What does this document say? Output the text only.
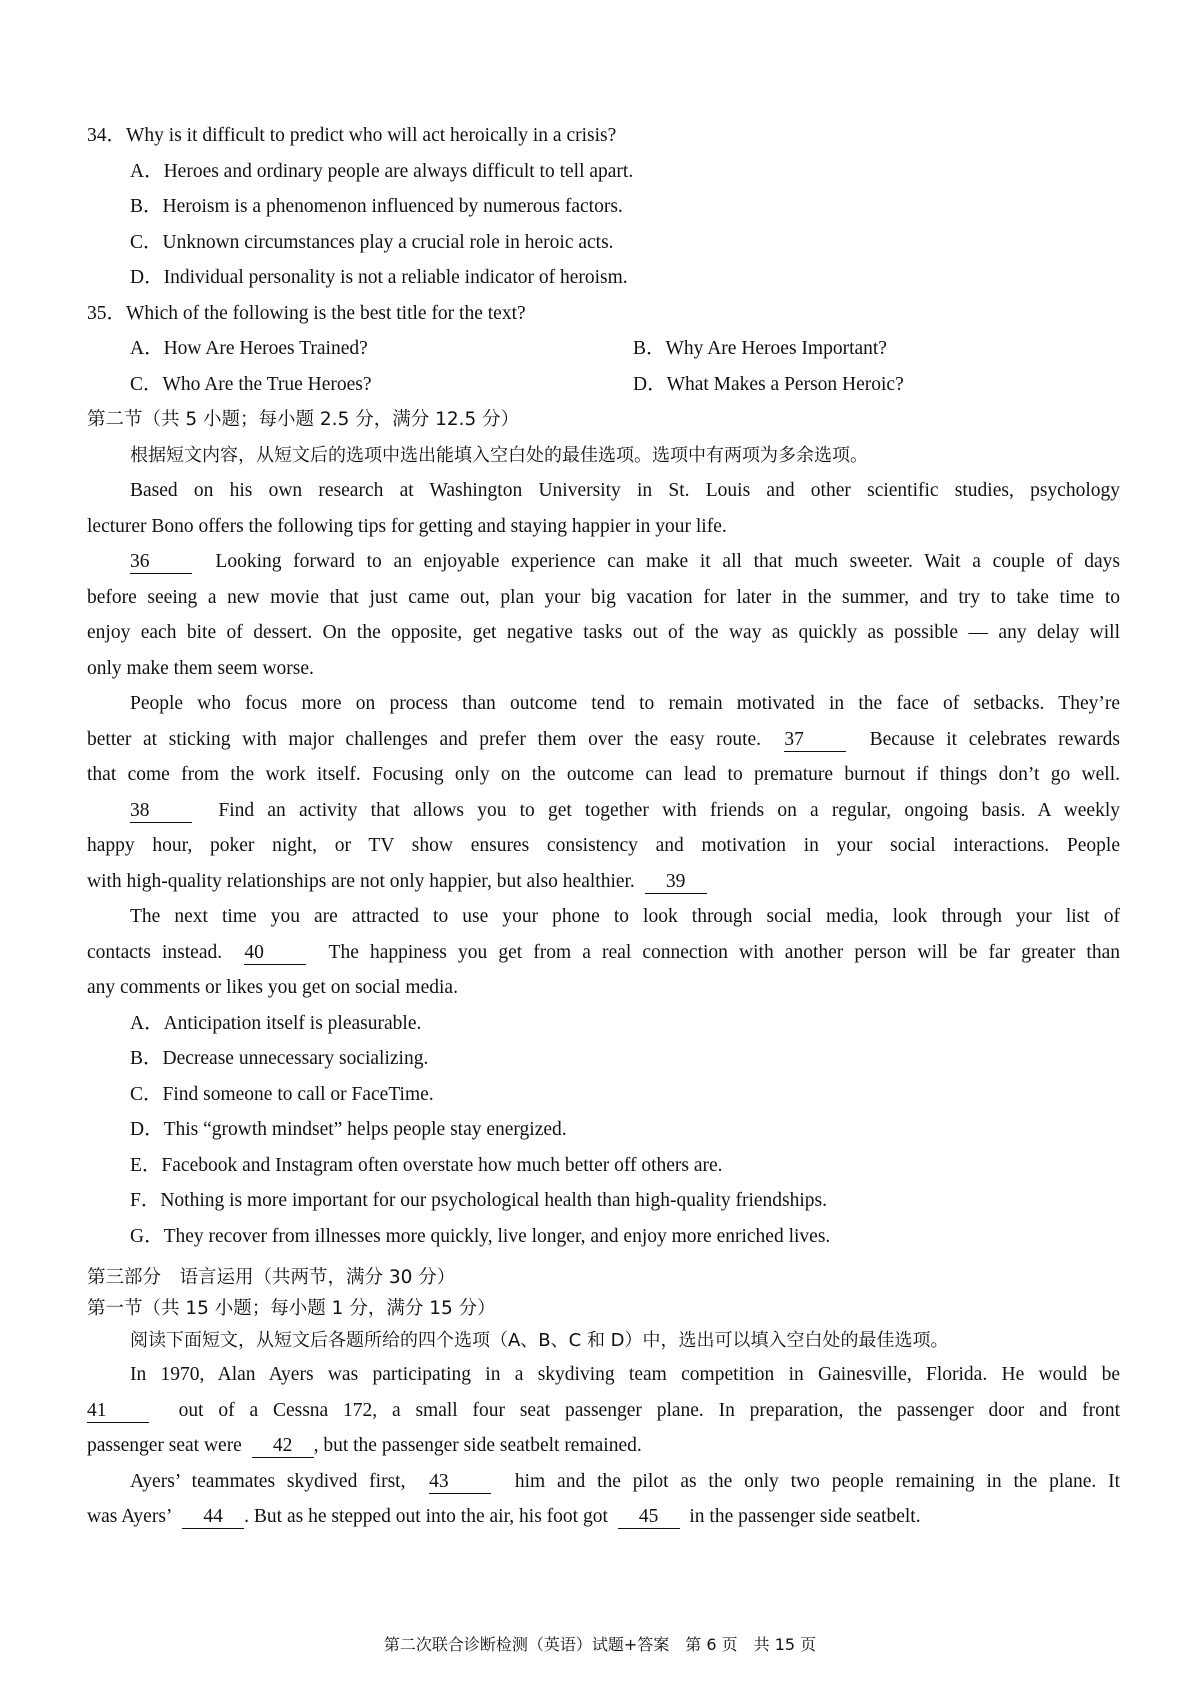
34．Why is it difficult to predict who will act heroically in a crisis?
A．Heroes and ordinary people are always difficult to tell apart.
B．Heroism is a phenomenon influenced by numerous factors.
C．Unknown circumstances play a crucial role in heroic acts.
D．Individual personality is not a reliable indicator of heroism.
35．Which of the following is the best title for the text?
A．How Are Heroes Trained?	B．Why Are Heroes Important?
C．Who Are the True Heroes?	D．What Makes a Person Heroic?
第二节（共 5 小题；每小题 2.5 分，满分 12.5 分）
根据短文内容，从短文后的选项中选出能填入空白处的最佳选项。选项中有两项为多余选项。
Based on his own research at Washington University in St. Louis and other scientific studies, psychology
lecturer Bono offers the following tips for getting and staying happier in your life.
36	Looking forward to an enjoyable experience can make it all that much sweeter. Wait a couple of days
before seeing a new movie that just came out, plan your big vacation for later in the summer, and try to take time to
enjoy each bite of dessert. On the opposite, get negative tasks out of the way as quickly as possible — any delay will
only make them seem worse.
People who focus more on process than outcome tend to remain motivated in the face of setbacks. They’re
better at sticking with major challenges and prefer them over the easy route. 37	Because it celebrates rewards
that come from the work itself. Focusing only on the outcome can lead to premature burnout if things don’t go well.
38	Find an activity that allows you to get together with friends on a regular, ongoing basis. A weekly
happy hour, poker night, or TV show ensures consistency and motivation in your social interactions. People
with high-quality relationships are not only happier, but also healthier. 39
The next time you are attracted to use your phone to look through social media, look through your list of
contacts instead. 40	The happiness you get from a real connection with another person will be far greater than
any comments or likes you get on social media.
A．Anticipation itself is pleasurable.
B．Decrease unnecessary socializing.
C．Find someone to call or FaceTime.
D．This “growth mindset” helps people stay energized.
E．Facebook and Instagram often overstate how much better off others are.
F．Nothing is more important for our psychological health than high-quality friendships.
G．They recover from illnesses more quickly, live longer, and enjoy more enriched lives.
第三部分　语言运用（共两节，满分 30 分）
第一节（共 15 小题；每小题 1 分，满分 15 分）
阅读下面短文，从短文后各题所给的四个选项（A、B、C 和 D）中，选出可以填入空白处的最佳选项。
In 1970, Alan Ayers was participating in a skydiving team competition in Gainesville, Florida. He would be
41	out of a Cessna 172, a small four seat passenger plane. In preparation, the passenger door and front
passenger seat were 42 , but the passenger side seatbelt remained.
Ayers’ teammates skydived first, 43	him and the pilot as the only two people remaining in the plane. It
was Ayers’ 44 . But as he stepped out into the air, his foot got 45 in the passenger side seatbelt.
第二次联合诊断检测（英语）试题+答案　第 6 页　共 15 页
